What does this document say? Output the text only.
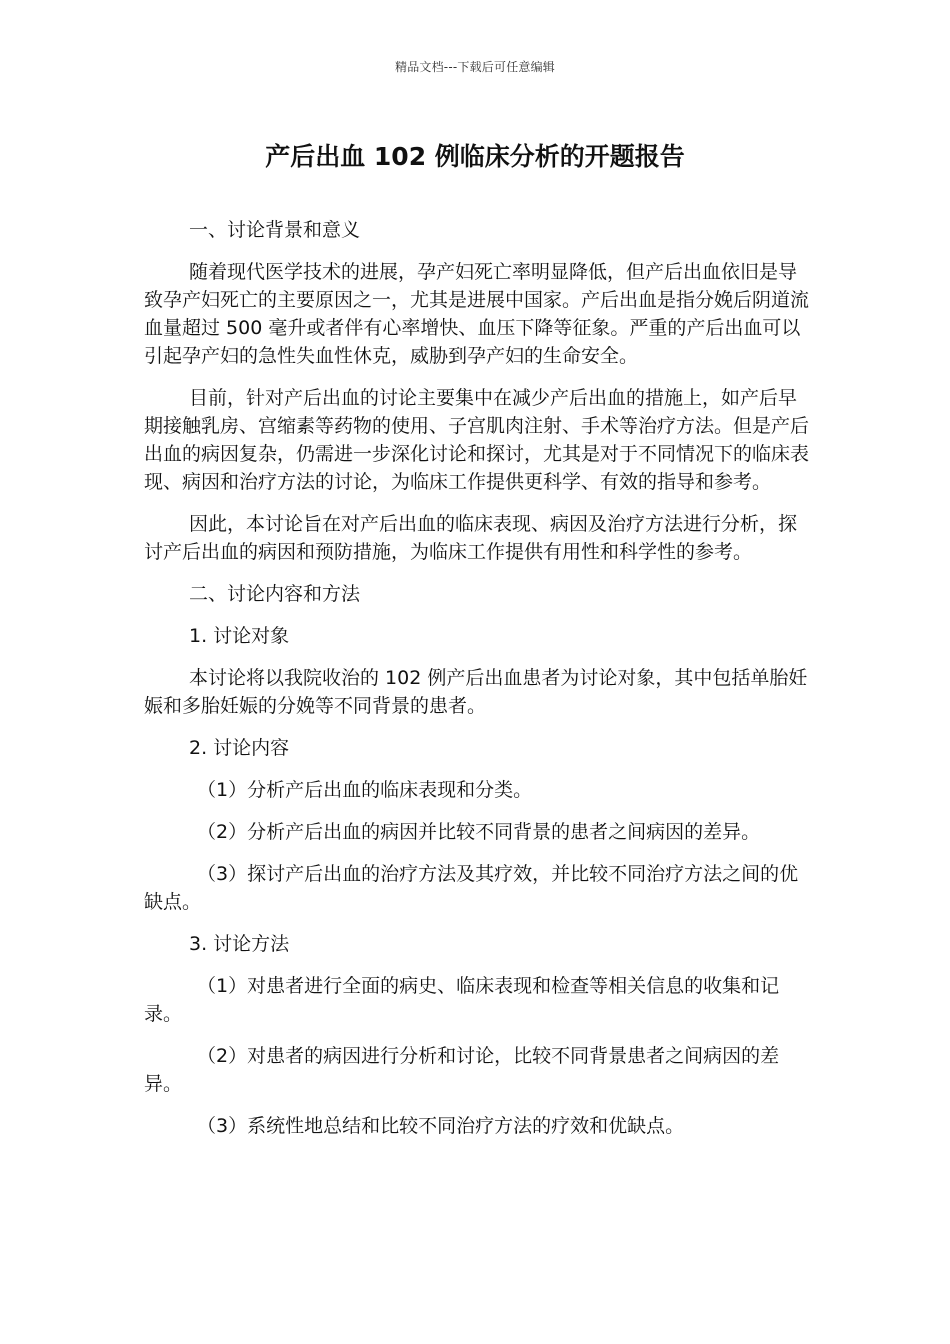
精品文档---下载后可任意编辑
产后出血 102 例临床分析的开题报告

一、讨论背景和意义

随着现代医学技术的进展，孕产妇死亡率明显降低，但产后出血依旧是导致孕产妇死亡的主要原因之一，尤其是进展中国家。产后出血是指分娩后阴道流血量超过 500 毫升或者伴有心率增快、血压下降等征象。严重的产后出血可以引起孕产妇的急性失血性休克，威胁到孕产妇的生命安全。

目前，针对产后出血的讨论主要集中在减少产后出血的措施上，如产后早期接触乳房、宫缩素等药物的使用、子宫肌肉注射、手术等治疗方法。但是产后出血的病因复杂，仍需进一步深化讨论和探讨，尤其是对于不同情况下的临床表现、病因和治疗方法的讨论，为临床工作提供更科学、有效的指导和参考。

因此，本讨论旨在对产后出血的临床表现、病因及治疗方法进行分析，探讨产后出血的病因和预防措施，为临床工作提供有用性和科学性的参考。

二、讨论内容和方法

1. 讨论对象

本讨论将以我院收治的 102 例产后出血患者为讨论对象，其中包括单胎妊娠和多胎妊娠的分娩等不同背景的患者。

2. 讨论内容

（1）分析产后出血的临床表现和分类。

（2）分析产后出血的病因并比较不同背景的患者之间病因的差异。

（3）探讨产后出血的治疗方法及其疗效，并比较不同治疗方法之间的优缺点。

3. 讨论方法

（1）对患者进行全面的病史、临床表现和检查等相关信息的收集和记录。

（2）对患者的病因进行分析和讨论，比较不同背景患者之间病因的差异。

（3）系统性地总结和比较不同治疗方法的疗效和优缺点。
